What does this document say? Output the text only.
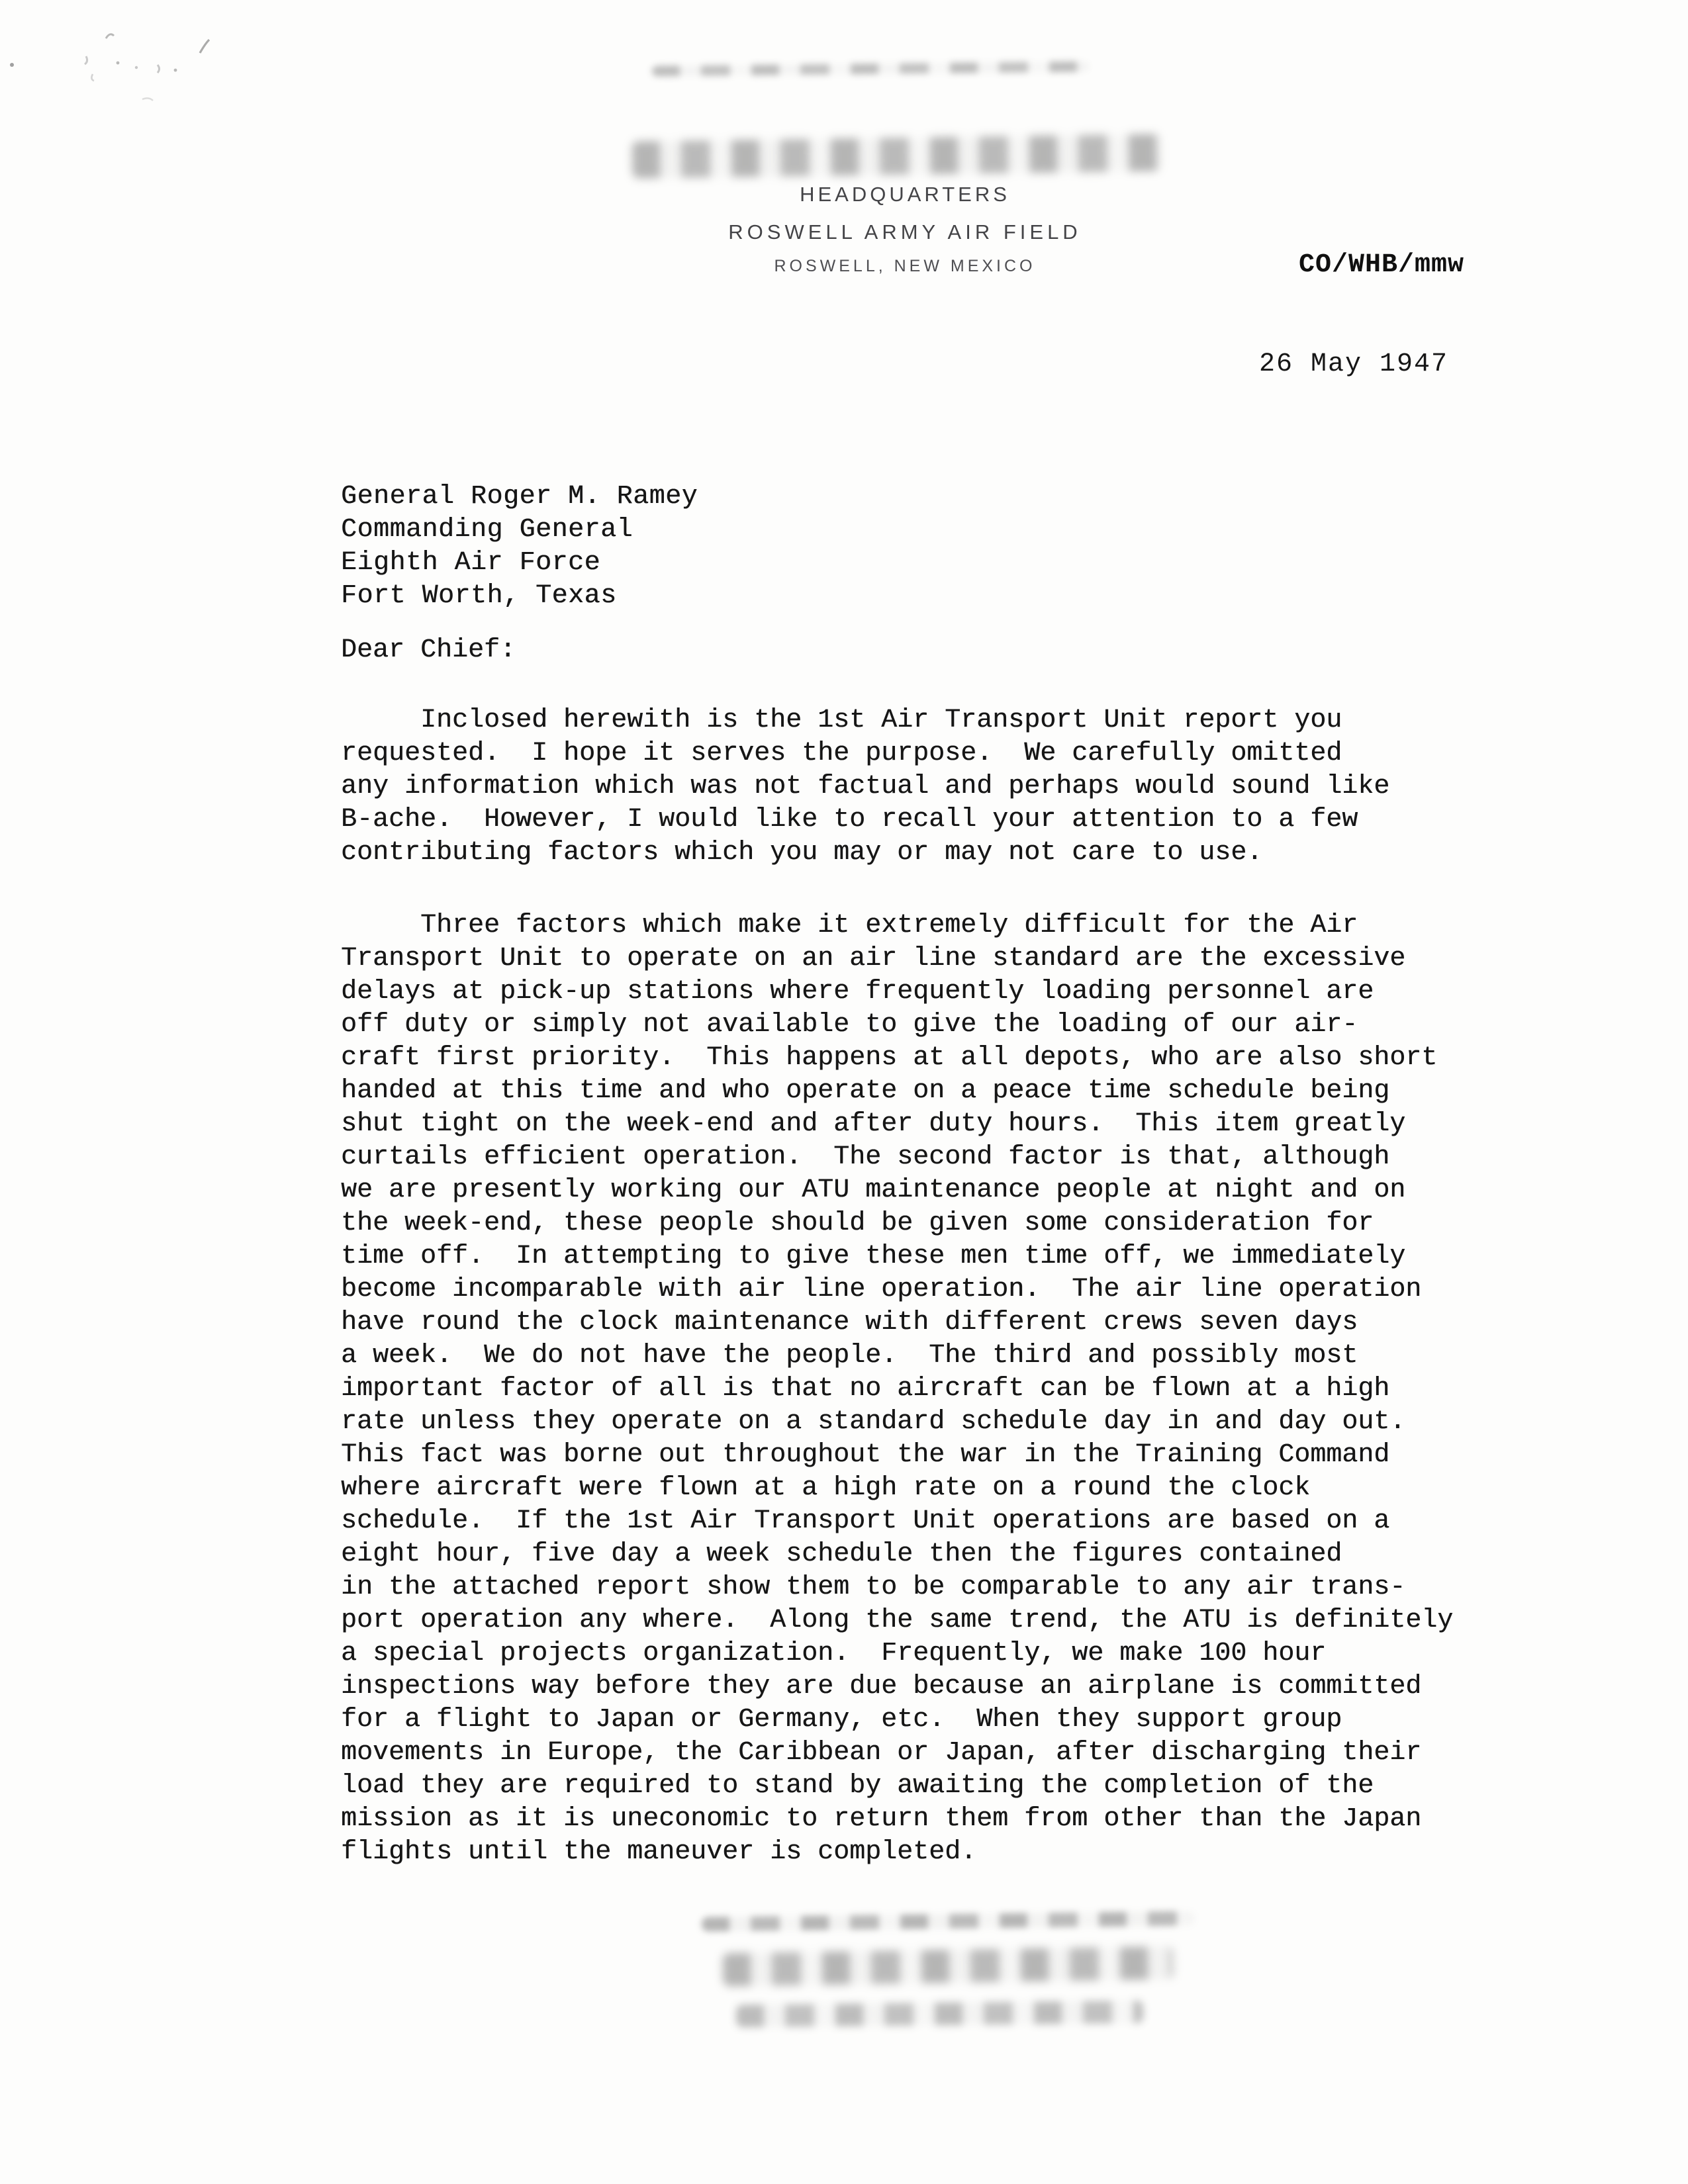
HEADQUARTERS
ROSWELL ARMY AIR FIELD
ROSWELL, NEW MEXICO	CO/WHB/mmw
26 May 1947
General Roger M. Ramey
Commanding General
Eighth Air Force
Fort Worth, Texas
Dear Chief:
Inclosed herewith is the 1st Air Transport Unit report you
requested.  I hope it serves the purpose.  We carefully omitted
any information which was not factual and perhaps would sound like
B-ache.  However, I would like to recall your attention to a few
contributing factors which you may or may not care to use.
Three factors which make it extremely difficult for the Air
Transport Unit to operate on an air line standard are the excessive
delays at pick-up stations where frequently loading personnel are
off duty or simply not available to give the loading of our air-
craft first priority.  This happens at all depots, who are also short
handed at this time and who operate on a peace time schedule being
shut tight on the week-end and after duty hours.  This item greatly
curtails efficient operation.  The second factor is that, although
we are presently working our ATU maintenance people at night and on
the week-end, these people should be given some consideration for
time off.  In attempting to give these men time off, we immediately
become incomparable with air line operation.  The air line operation
have round the clock maintenance with different crews seven days
a week.  We do not have the people.  The third and possibly most
important factor of all is that no aircraft can be flown at a high
rate unless they operate on a standard schedule day in and day out.
This fact was borne out throughout the war in the Training Command
where aircraft were flown at a high rate on a round the clock
schedule.  If the 1st Air Transport Unit operations are based on a
eight hour, five day a week schedule then the figures contained
in the attached report show them to be comparable to any air trans-
port operation any where.  Along the same trend, the ATU is definitely
a special projects organization.  Frequently, we make 100 hour
inspections way before they are due because an airplane is committed
for a flight to Japan or Germany, etc.  When they support group
movements in Europe, the Caribbean or Japan, after discharging their
load they are required to stand by awaiting the completion of the
mission as it is uneconomic to return them from other than the Japan
flights until the maneuver is completed.
